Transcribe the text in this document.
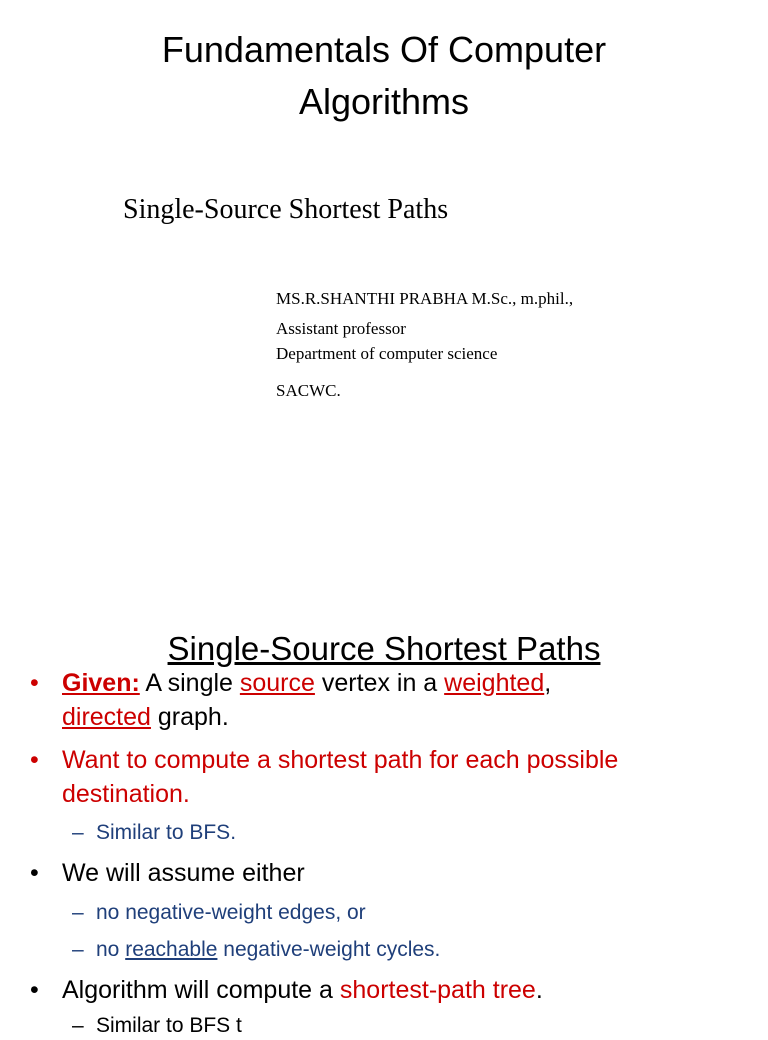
Fundamentals Of Computer
Algorithms
Single-Source Shortest Paths
MS.R.SHANTHI PRABHA M.Sc., m.phil.,
Assistant professor
Department of computer science
SACWC.
Single-Source Shortest Paths
• Given: A single source vertex in a weighted,
directed graph.
• Want to compute a shortest path for each possible destination.
– Similar to BFS.
• We will assume either
– no negative-weight edges, or
– no reachable negative-weight cycles.
• Algorithm will compute a shortest-path tree.
– Similar to BFS t
